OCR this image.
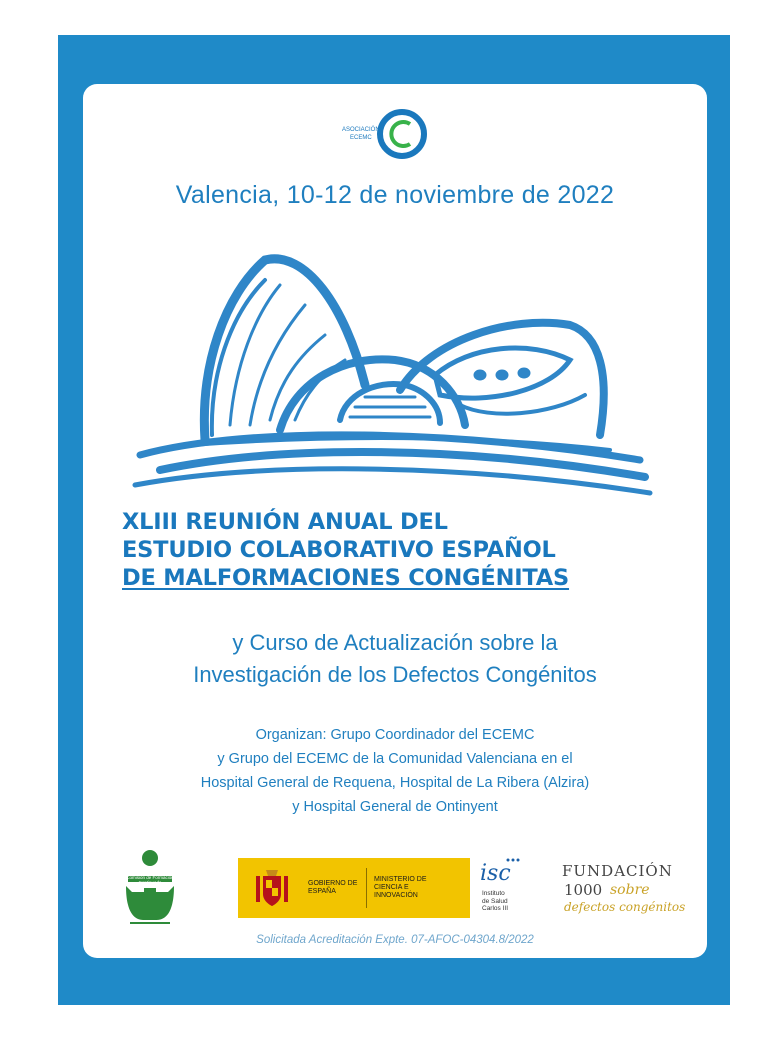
ASOCIACIÓN
ECEMC
Valencia, 10-12 de noviembre de 2022
XLIII REUNIÓN ANUAL DEL
ESTUDIO COLABORATIVO ESPAÑOL
DE MALFORMACIONES CONGÉNITAS
y Curso de Actualización sobre la
Investigación de los Defectos Congénitos
Organizan: Grupo Coordinador del ECEMC
y Grupo del ECEMC de la Comunidad Valenciana en el
Hospital General de Requena, Hospital de La Ribera (Alzira)
y Hospital General de Ontinyent
Comisión de Formación Continuada	GOBIERNO DE ESPAÑA
MINISTERIO DE CIENCIA E INNOVACIÓN
isc
Instituto
de Salud
Carlos III
FUNDACIÓN
1000 sobre
defectos congénitos
Solicitada Acreditación Expte. 07-AFOC-04304.8/2022
